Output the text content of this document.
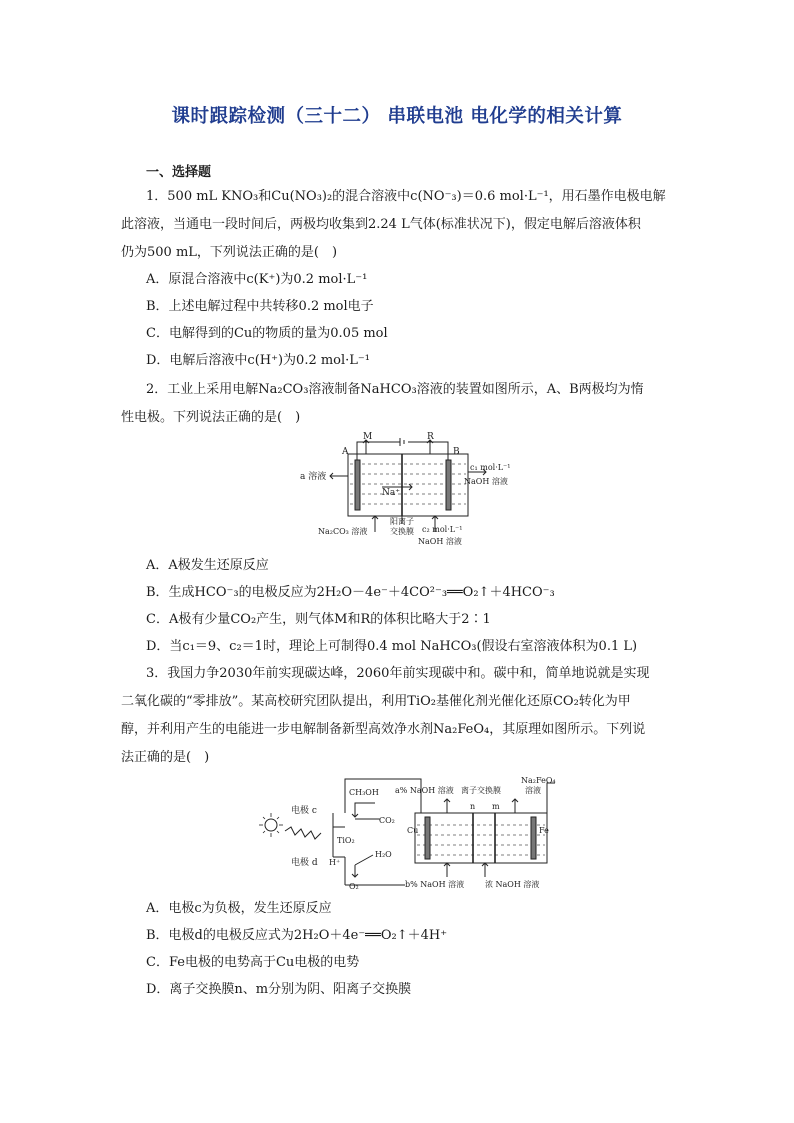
课时跟踪检测（三十二） 串联电池 电化学的相关计算
一、选择题
1．500 mL KNO₃和Cu(NO₃)₂的混合溶液中c(NO⁻₃)＝0.6 mol·L⁻¹，用石墨作电极电解
此溶液，当通电一段时间后，两极均收集到2.24 L气体(标准状况下)，假定电解后溶液体积
仍为500 mL，下列说法正确的是(　)
A．原混合溶液中c(K⁺)为0.2 mol·L⁻¹
B．上述电解过程中共转移0.2 mol电子
C．电解得到的Cu的物质的量为0.05 mol
D．电解后溶液中c(H⁺)为0.2 mol·L⁻¹
2．工业上采用电解Na₂CO₃溶液制备NaHCO₃溶液的装置如图所示，A、B两极均为惰
性电极。下列说法正确的是(　)
A
M	R
B
a 溶液
Na⁺
c₁ mol·L⁻¹
NaOH 溶液
阳离子
交换膜
Na₂CO₃ 溶液	c₂ mol·L⁻¹
NaOH 溶液
A．A极发生还原反应
B．生成HCO⁻₃的电极反应为2H₂O－4e⁻＋4CO²⁻₃══O₂↑＋4HCO⁻₃
C．A极有少量CO₂产生，则气体M和R的体积比略大于2∶1
D．当c₁＝9、c₂＝1时，理论上可制得0.4 mol NaHCO₃(假设右室溶液体积为0.1 L)
3．我国力争2030年前实现碳达峰，2060年前实现碳中和。碳中和，简单地说就是实现
二氧化碳的“零排放”。某高校研究团队提出，利用TiO₂基催化剂光催化还原CO₂转化为甲
醇，并利用产生的电能进一步电解制备新型高效净水剂Na₂FeO₄，其原理如图所示。下列说
法正确的是(　)
CH₃OH
CO₂
电极 c
TiO₂
电极 d H⁺
H₂O
O₂
a% NaOH 溶液 离子交换膜
n m
Na₂FeO₄
溶液
Cu	Fe
b% NaOH 溶液	浓 NaOH 溶液
A．电极c为负极，发生还原反应
B．电极d的电极反应式为2H₂O＋4e⁻══O₂↑＋4H⁺
C．Fe电极的电势高于Cu电极的电势
D．离子交换膜n、m分别为阴、阳离子交换膜
